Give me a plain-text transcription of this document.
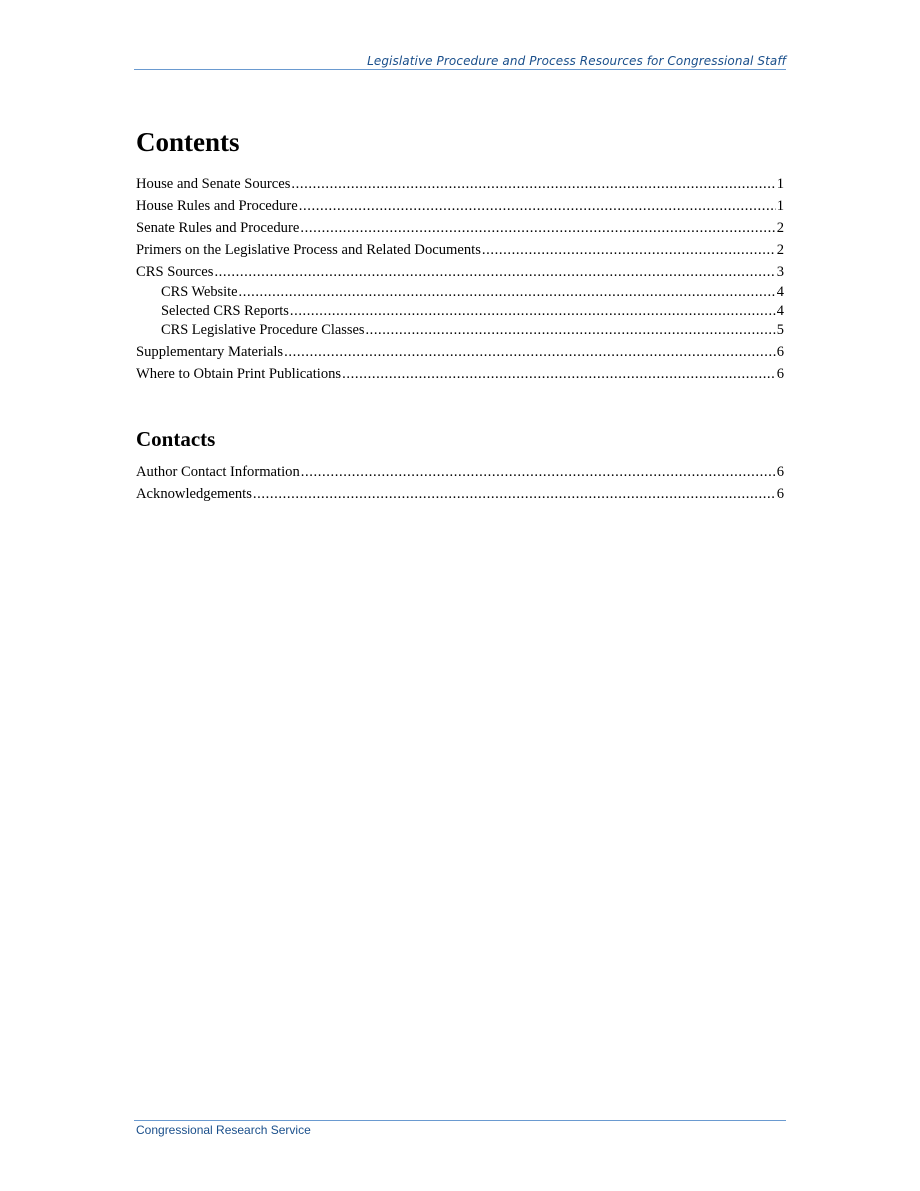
Legislative Procedure and Process Resources for Congressional Staff
Contents
House and Senate Sources .....	1
House Rules and Procedure .....	1
Senate Rules and Procedure .....	2
Primers on the Legislative Process and Related Documents .....	2
CRS Sources .....	3
CRS Website .....	4
Selected CRS Reports .....	4
CRS Legislative Procedure Classes .....	5
Supplementary Materials .....	6
Where to Obtain Print Publications .....	6
Contacts
Author Contact Information .....	6
Acknowledgements .....	6
Congressional Research Service
